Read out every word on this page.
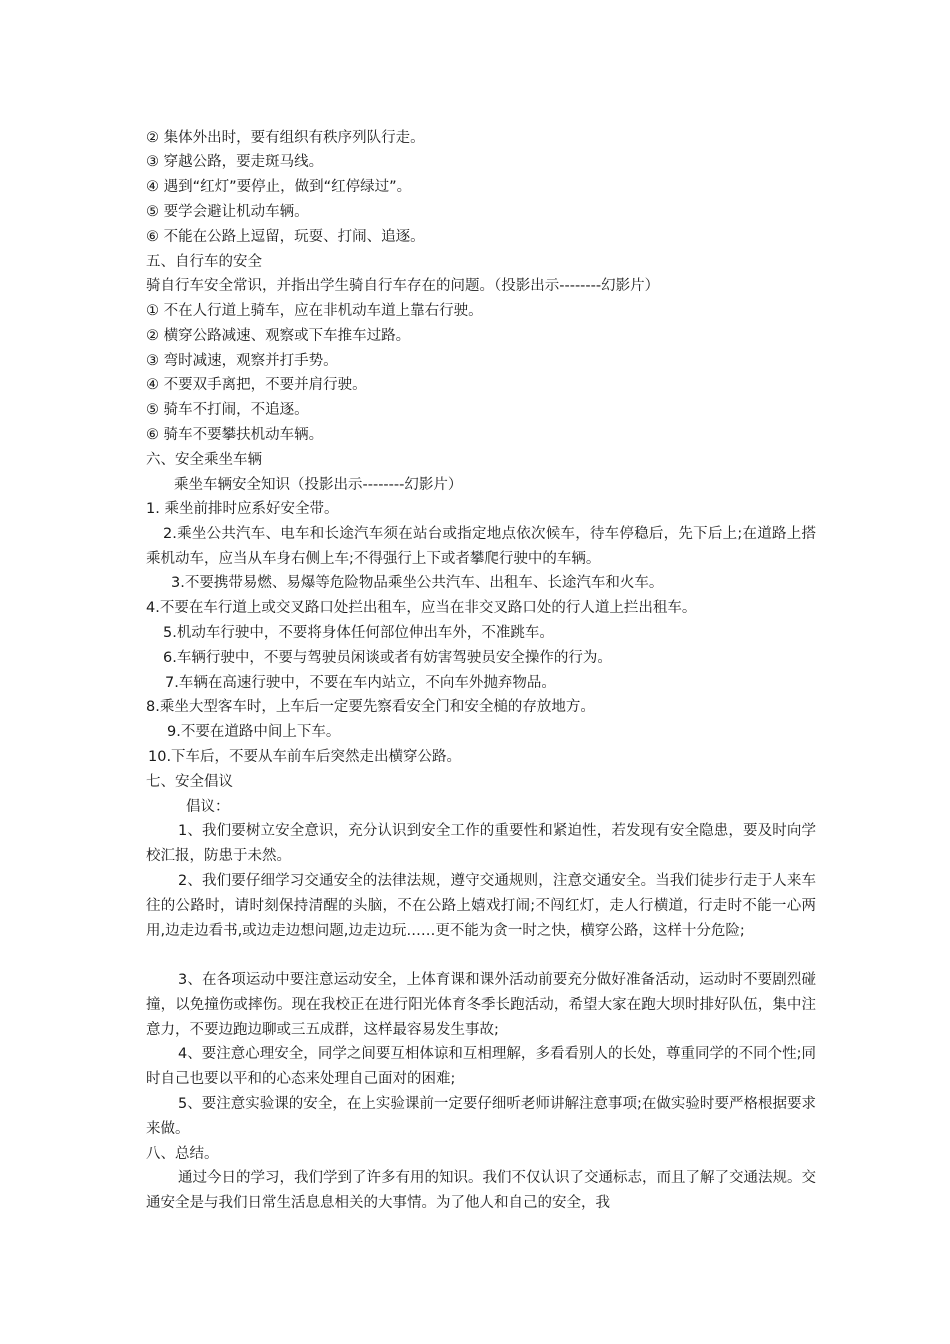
② 集体外出时，要有组织有秩序列队行走。
③ 穿越公路，要走斑马线。
④ 遇到“红灯”要停止，做到“红停绿过”。
⑤ 要学会避让机动车辆。
⑥ 不能在公路上逗留，玩耍、打闹、追逐。
五、自行车的安全
骑自行车安全常识，并指出学生骑自行车存在的问题。（投影出示--------幻影片）
① 不在人行道上骑车，应在非机动车道上靠右行驶。
② 横穿公路减速、观察或下车推车过路。
③ 弯时减速，观察并打手势。
④ 不要双手离把，不要并肩行驶。
⑤ 骑车不打闹，不追逐。
⑥ 骑车不要攀扶机动车辆。
六、安全乘坐车辆
乘坐车辆安全知识（投影出示--------幻影片）
1. 乘坐前排时应系好安全带。
2.乘坐公共汽车、电车和长途汽车须在站台或指定地点依次候车，待车停稳后，先下后上;在道路上搭乘机动车，应当从车身右侧上车;不得强行上下或者攀爬行驶中的车辆。
3.不要携带易燃、易爆等危险物品乘坐公共汽车、出租车、长途汽车和火车。
4.不要在车行道上或交叉路口处拦出租车，应当在非交叉路口处的行人道上拦出租车。
5.机动车行驶中，不要将身体任何部位伸出车外，不准跳车。
6.车辆行驶中，不要与驾驶员闲谈或者有妨害驾驶员安全操作的行为。
7.车辆在高速行驶中，不要在车内站立，不向车外抛弃物品。
8.乘坐大型客车时，上车后一定要先察看安全门和安全槌的存放地方。
9.不要在道路中间上下车。
10.下车后，不要从车前车后突然走出横穿公路。
七、安全倡议
倡议：
1、我们要树立安全意识，充分认识到安全工作的重要性和紧迫性，若发现有安全隐患，要及时向学校汇报，防患于未然。
2、我们要仔细学习交通安全的法律法规，遵守交通规则，注意交通安全。当我们徒步行走于人来车往的公路时，请时刻保持清醒的头脑，不在公路上嬉戏打闹;不闯红灯，走人行横道，行走时不能一心两用,边走边看书,或边走边想问题,边走边玩……更不能为贪一时之快，横穿公路，这样十分危险;
3、在各项运动中要注意运动安全，上体育课和课外活动前要充分做好准备活动，运动时不要剧烈碰撞，以免撞伤或摔伤。现在我校正在进行阳光体育冬季长跑活动，希望大家在跑大坝时排好队伍，集中注意力，不要边跑边聊或三五成群，这样最容易发生事故;
4、要注意心理安全，同学之间要互相体谅和互相理解，多看看别人的长处，尊重同学的不同个性;同时自己也要以平和的心态来处理自己面对的困难;
5、要注意实验课的安全，在上实验课前一定要仔细听老师讲解注意事项;在做实验时要严格根据要求来做。
八、总结。
通过今日的学习，我们学到了许多有用的知识。我们不仅认识了交通标志，而且了解了交通法规。交通安全是与我们日常生活息息相关的大事情。为了他人和自己的安全，我
